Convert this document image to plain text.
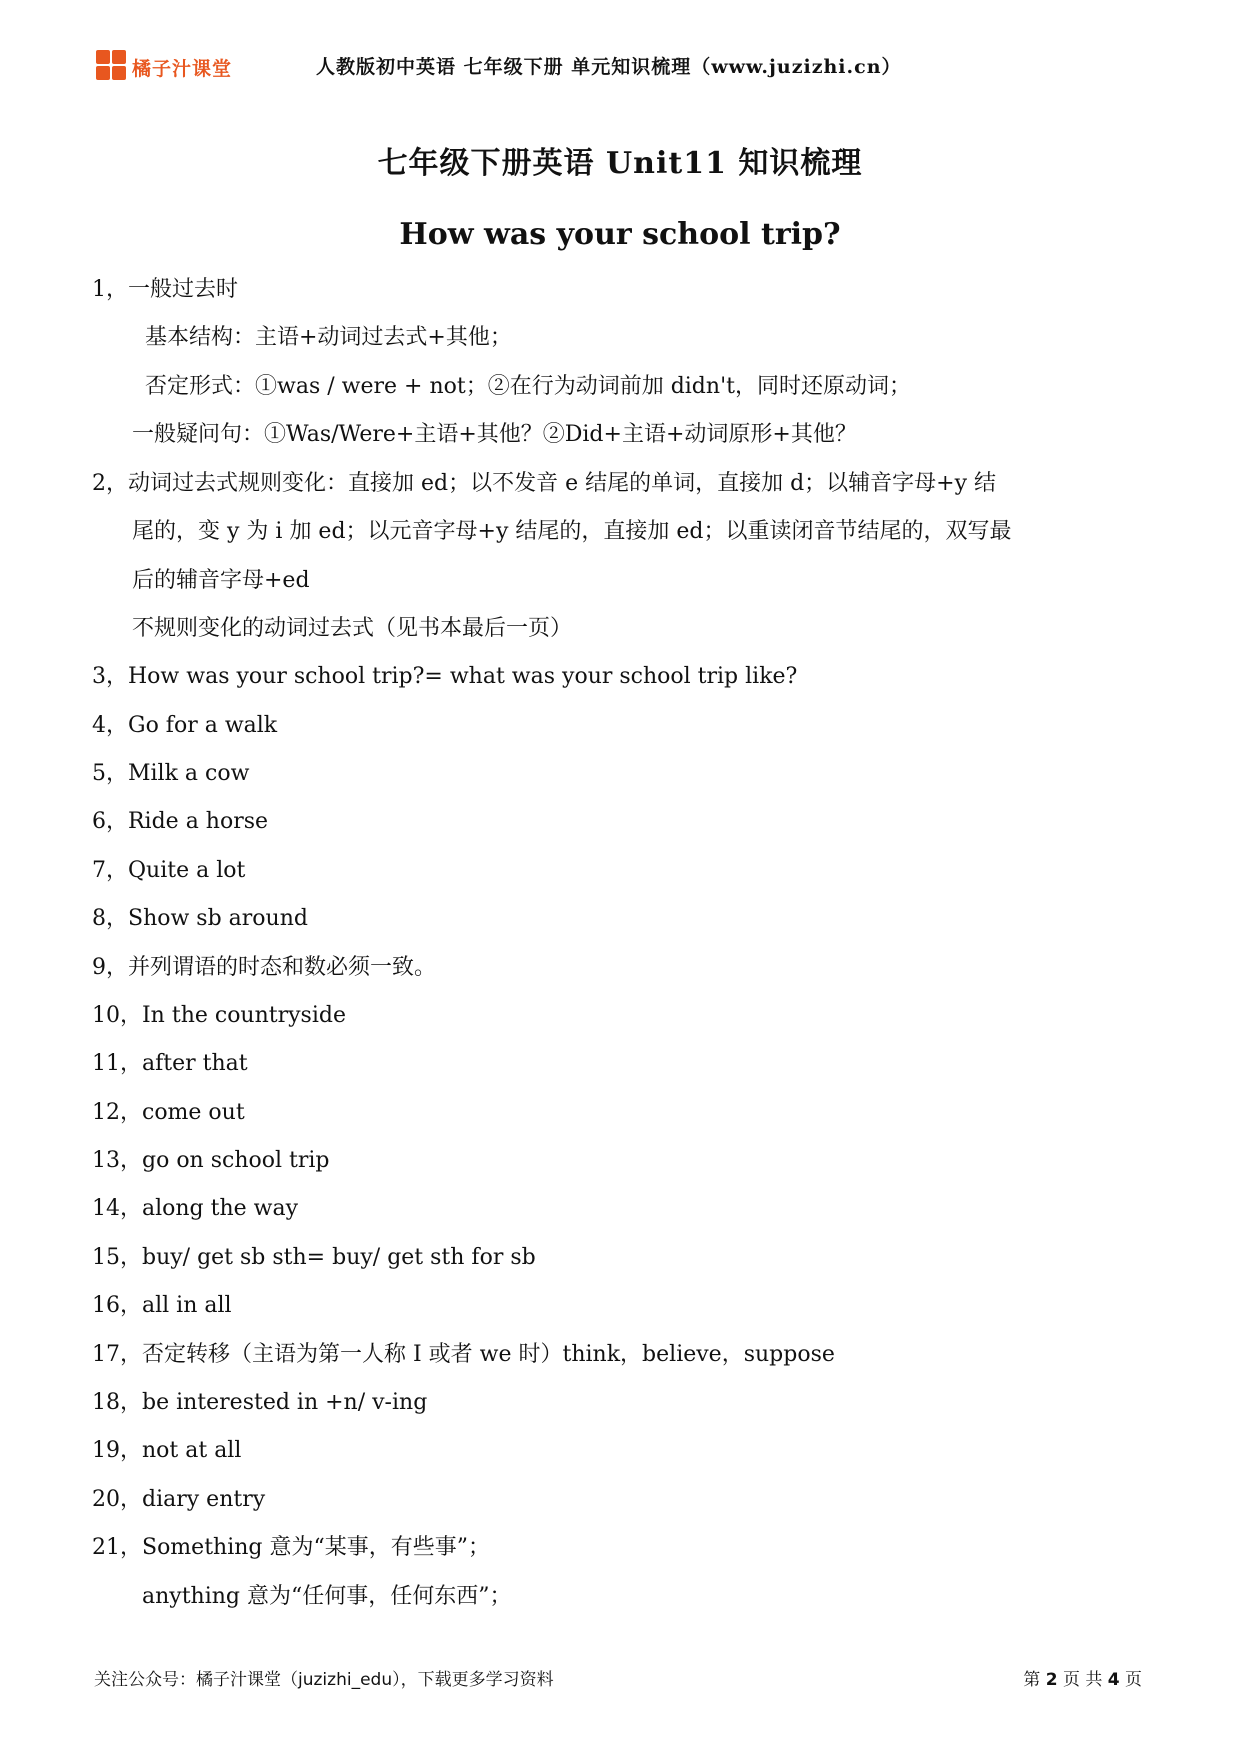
橘子汁课堂	人教版初中英语 七年级下册 单元知识梳理（www.juzizhi.cn）
七年级下册英语 Unit11 知识梳理
How was your school trip?
1，一般过去时
基本结构：主语+动词过去式+其他；
否定形式：①was / were + not；②在行为动词前加 didn't，同时还原动词；
一般疑问句：①Was/Were+主语+其他？②Did+主语+动词原形+其他？
2，动词过去式规则变化：直接加 ed；以不发音 e 结尾的单词，直接加 d；以辅音字母+y 结
尾的，变 y 为 i 加 ed；以元音字母+y 结尾的，直接加 ed；以重读闭音节结尾的，双写最
后的辅音字母+ed
不规则变化的动词过去式（见书本最后一页）
3，How was your school trip?= what was your school trip like?
4，Go for a walk
5，Milk a cow
6，Ride a horse
7，Quite a lot
8，Show sb around
9，并列谓语的时态和数必须一致。
10，In the countryside
11，after that
12，come out
13，go on school trip
14，along the way
15，buy/ get sb sth= buy/ get sth for sb
16，all in all
17，否定转移（主语为第一人称 I 或者 we 时）think，believe，suppose
18，be interested in +n/ v-ing
19，not at all
20，diary entry
21，Something 意为“某事，有些事”；
anything 意为“任何事，任何东西”；
关注公众号：橘子汁课堂（juzizhi_edu），下载更多学习资料	第 2 页 共 4 页
